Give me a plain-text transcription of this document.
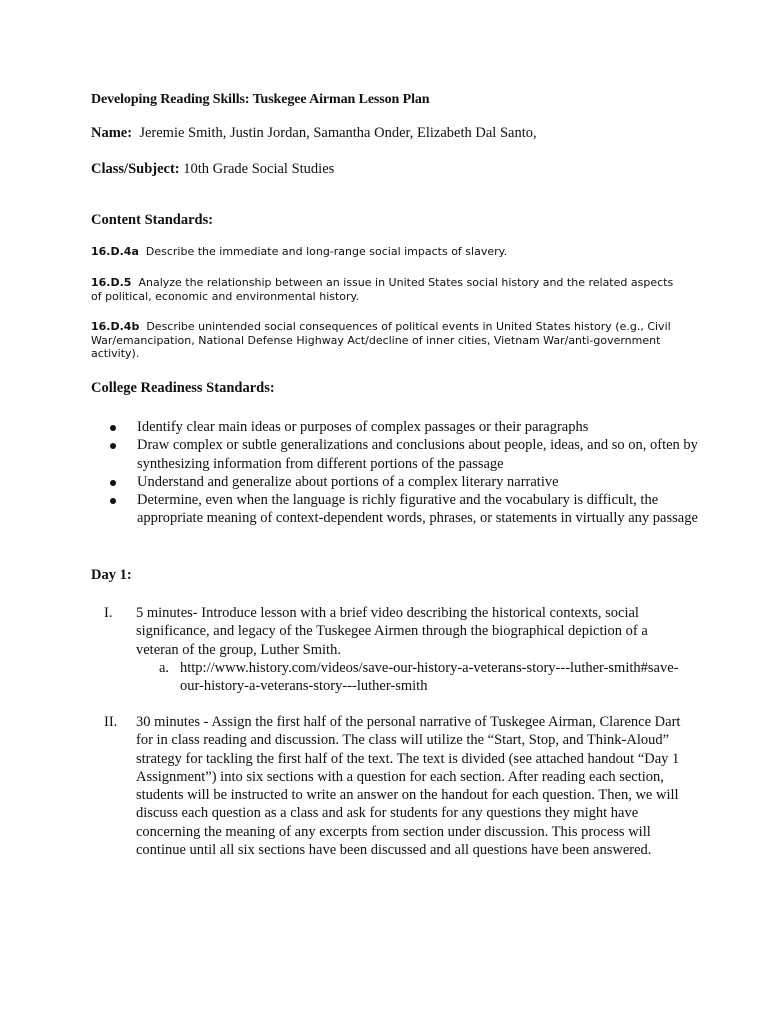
Developing Reading Skills: Tuskegee Airman Lesson Plan

Name: Jeremie Smith, Justin Jordan, Samantha Onder, Elizabeth Dal Santo,

Class/Subject: 10th Grade Social Studies

Content Standards:

16.D.4a Describe the immediate and long-range social impacts of slavery.

16.D.5 Analyze the relationship between an issue in United States social history and the related aspects of political, economic and environmental history.

16.D.4b Describe unintended social consequences of political events in United States history (e.g., Civil War/emancipation, National Defense Highway Act/decline of inner cities, Vietnam War/anti-government activity).

College Readiness Standards:

Identify clear main ideas or purposes of complex passages or their paragraphs
Draw complex or subtle generalizations and conclusions about people, ideas, and so on, often by synthesizing information from different portions of the passage
Understand and generalize about portions of a complex literary narrative
Determine, even when the language is richly figurative and the vocabulary is difficult, the appropriate meaning of context-dependent words, phrases, or statements in virtually any passage

Day 1:

I. 5 minutes- Introduce lesson with a brief video describing the historical contexts, social significance, and legacy of the Tuskegee Airmen through the biographical depiction of a veteran of the group, Luther Smith.
a. http://www.history.com/videos/save-our-history-a-veterans-story---luther-smith#save-our-history-a-veterans-story---luther-smith
II. 30 minutes - Assign the first half of the personal narrative of Tuskegee Airman, Clarence Dart for in class reading and discussion. The class will utilize the “Start, Stop, and Think-Aloud” strategy for tackling the first half of the text. The text is divided (see attached handout “Day 1 Assignment”) into six sections with a question for each section. After reading each section, students will be instructed to write an answer on the handout for each question. Then, we will discuss each question as a class and ask for students for any questions they might have concerning the meaning of any excerpts from section under discussion. This process will continue until all six sections have been discussed and all questions have been answered.
